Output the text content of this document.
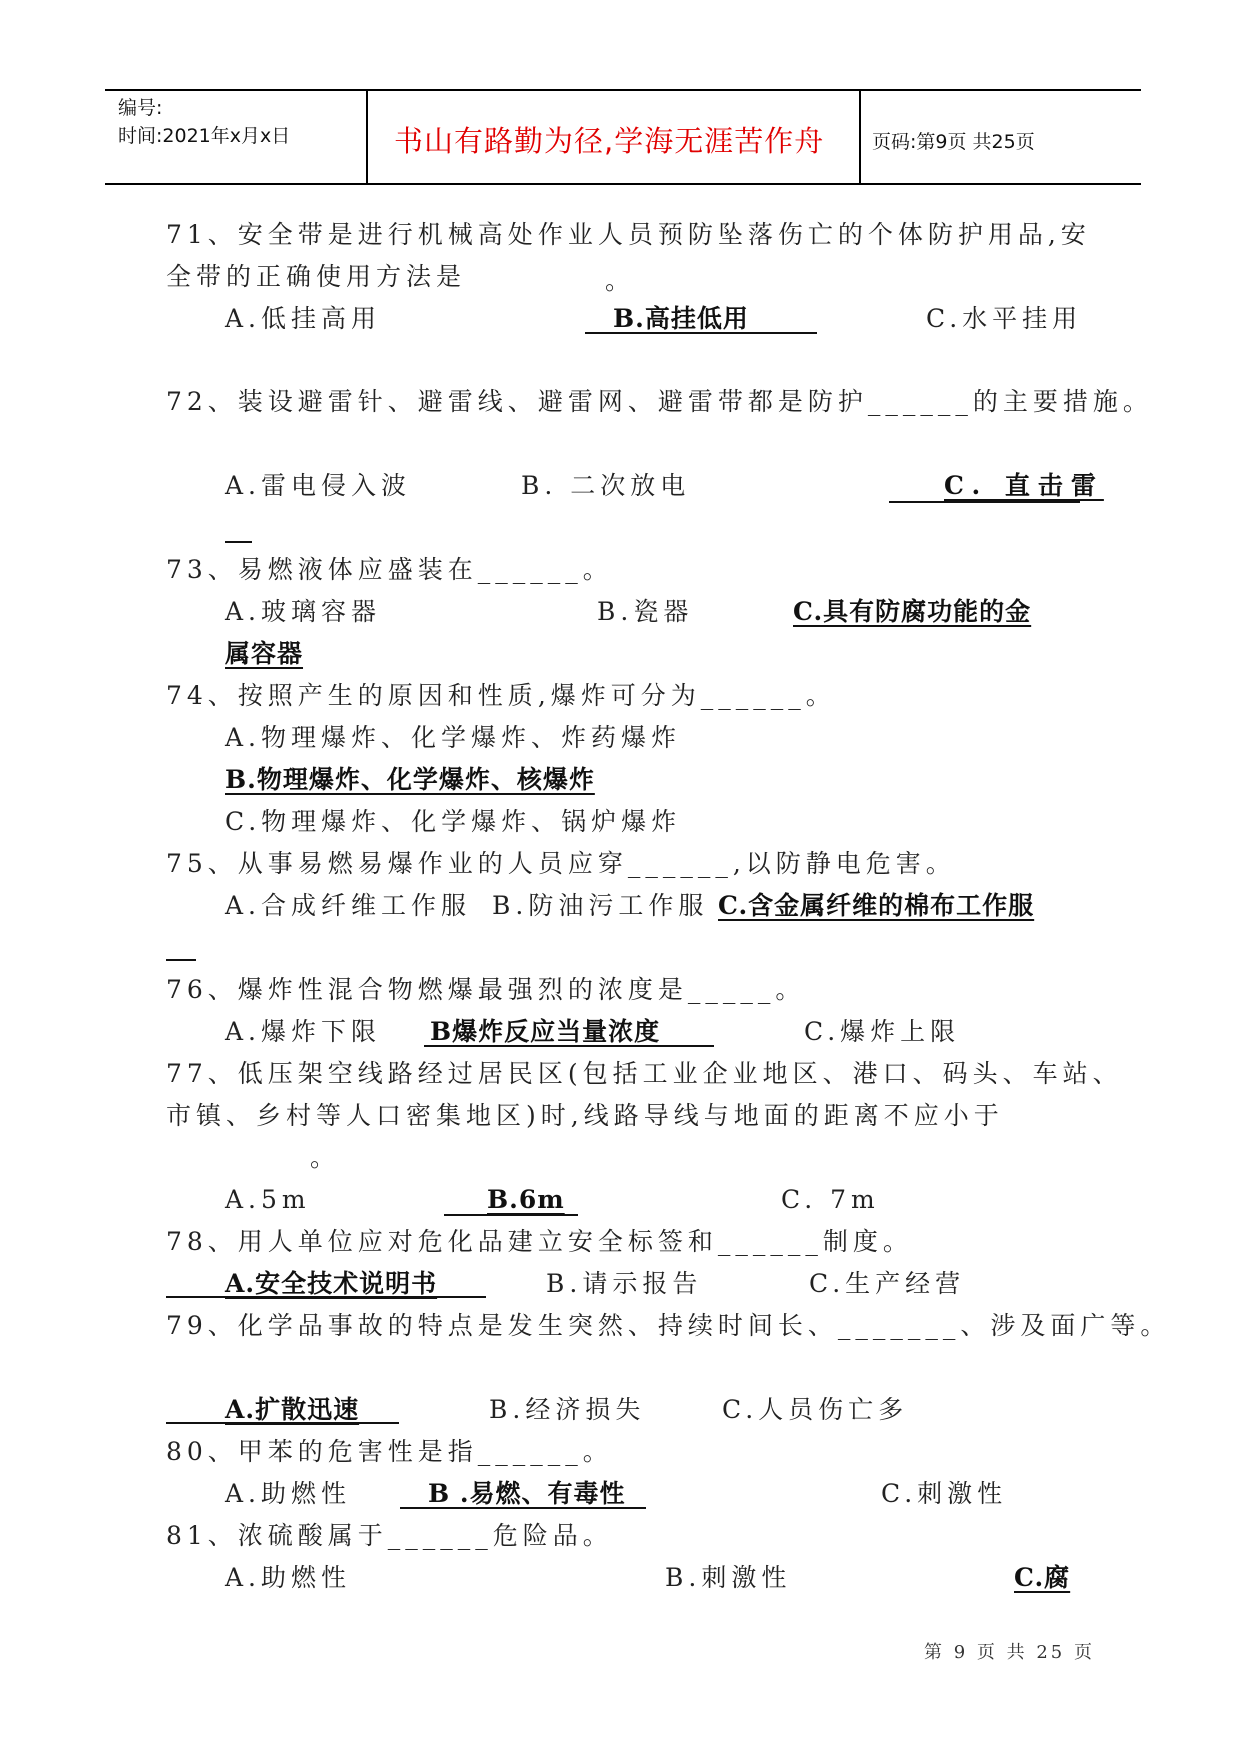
编号:
时间:2021年x月x日	书山有路勤为径,学海无涯苦作舟	页码:第9页 共25页
71、安全带是进行机械高处作业人员预防坠落伤亡的个体防护用品,安
全带的正确使用方法是	。
A.低挂高用	B.高挂低用	C.水平挂用
72、装设避雷针、避雷线、避雷网、避雷带都是防护______的主要措施。
A.雷电侵入波	B. 二次放电	C. 直击雷
73、易燃液体应盛装在______。
A.玻璃容器	B.瓷器	C.具有防腐功能的金
属容器
74、按照产生的原因和性质,爆炸可分为______。
A.物理爆炸、化学爆炸、炸药爆炸
B.物理爆炸、化学爆炸、核爆炸
C.物理爆炸、化学爆炸、锅炉爆炸
75、从事易燃易爆作业的人员应穿______,以防静电危害。
A.合成纤维工作服 B.防油污工作服 C.含金属纤维的棉布工作服
76、爆炸性混合物燃爆最强烈的浓度是_____。
A.爆炸下限 B爆炸反应当量浓度	C.爆炸上限
77、低压架空线路经过居民区(包括工业企业地区、港口、码头、车站、
市镇、乡村等人口密集地区)时,线路导线与地面的距离不应小于
。
A.5m	B.6m	C. 7m
78、用人单位应对危化品建立安全标签和______制度。
A.安全技术说明书	B.请示报告	C.生产经营
79、化学品事故的特点是发生突然、持续时间长、_______、涉及面广等。
A.扩散迅速	B.经济损失	C.人员伤亡多
80、甲苯的危害性是指______。
A.助燃性	B .易燃、有毒性	C.刺激性
81、浓硫酸属于______危险品。
A.助燃性	B.刺激性	C.腐
第 9 页 共 25 页
